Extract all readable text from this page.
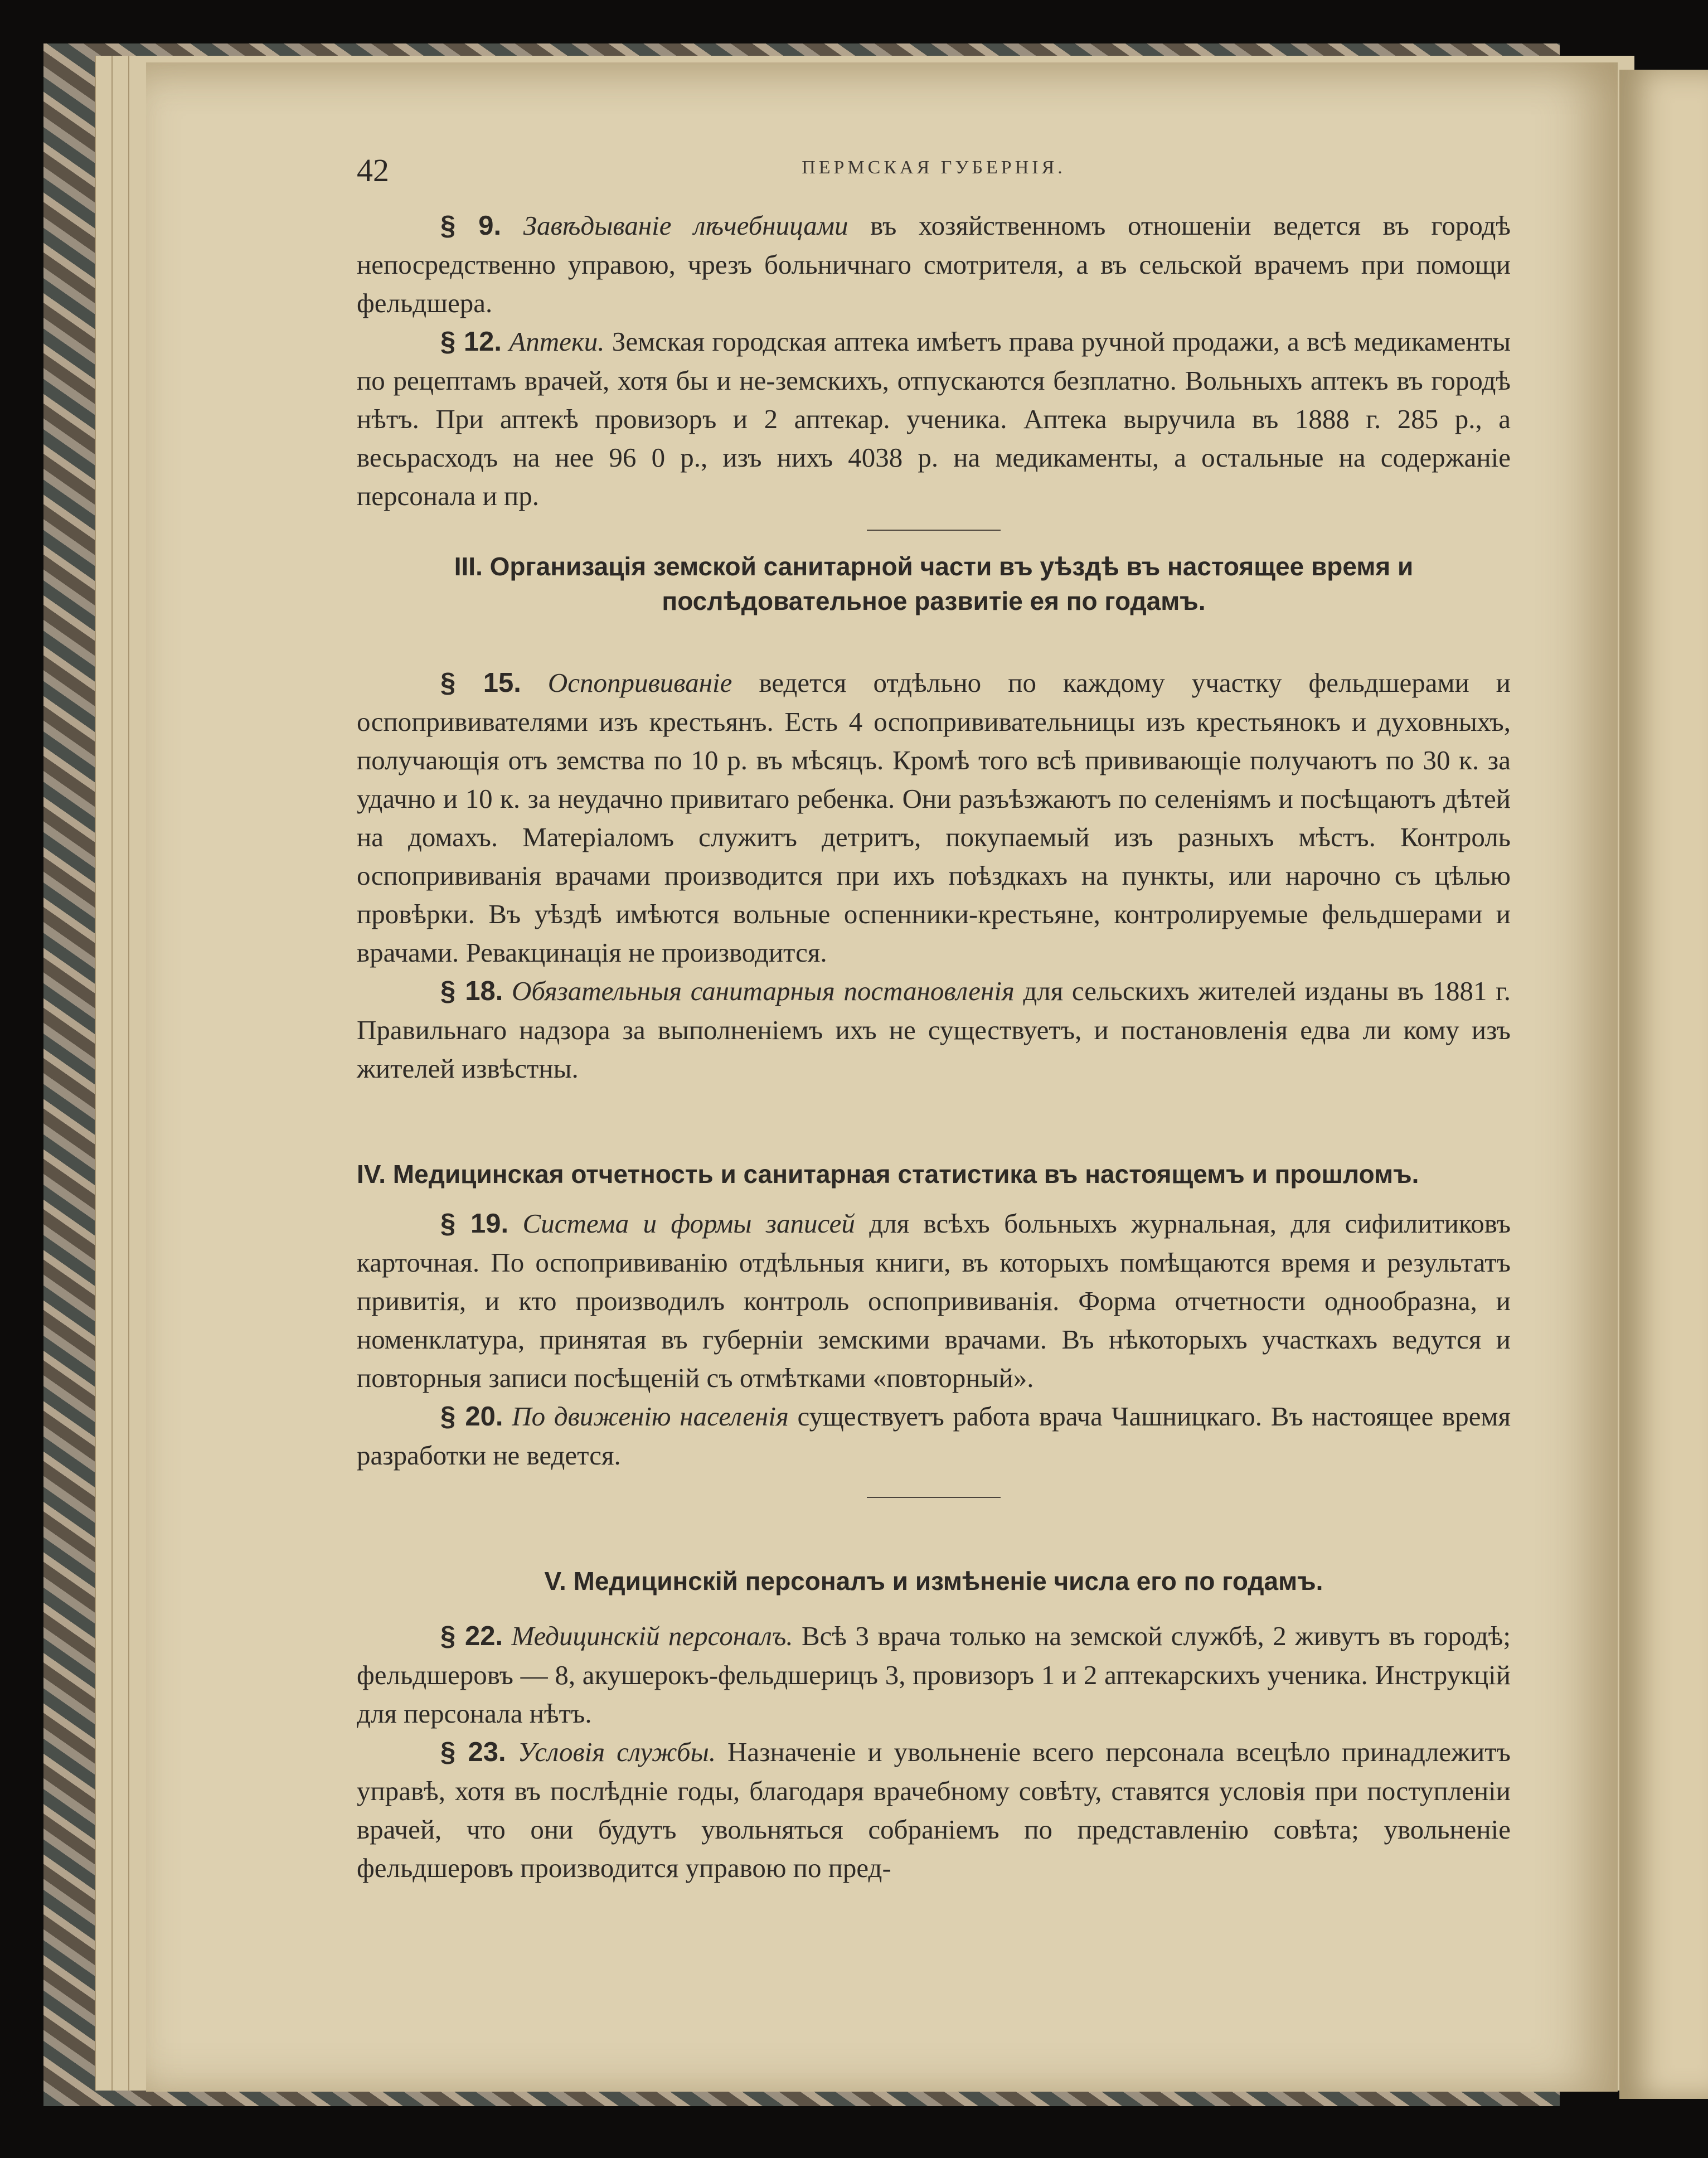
42	ПЕРМСКАЯ ГУБЕРНІЯ.

§ 9. Завѣдываніе лѣчебницами въ хозяйственномъ отношеніи ведется въ городѣ непосредственно управою, чрезъ больничнаго смотрителя, а въ сельской врачемъ при помощи фельдшера.

§ 12. Аптеки. Земская городская аптека имѣетъ права ручной продажи, а всѣ медикаменты по рецептамъ врачей, хотя бы и не-земскихъ, отпускаются безплатно. Вольныхъ аптекъ въ городѣ нѣтъ. При аптекѣ провизоръ и 2 аптекар. ученика. Аптека выручила въ 1888 г. 285 р., а весьрасходъ на нее 96 0 р., изъ нихъ 4038 р. на медикаменты, а остальные на содержаніе персонала и пр.

III. Организація земской санитарной части въ уѣздѣ въ настоящее время и послѣдовательное развитіе ея по годамъ.

§ 15. Оспопрививаніе ведется отдѣльно по каждому участку фельдшерами и оспопрививателями изъ крестьянъ. Есть 4 оспопрививательницы изъ крестьянокъ и духовныхъ, получающія отъ земства по 10 р. въ мѣсяцъ. Кромѣ того всѣ прививающіе получаютъ по 30 к. за удачно и 10 к. за неудачно привитаго ребенка. Они разъѣзжаютъ по селеніямъ и посѣщаютъ дѣтей на домахъ. Матеріаломъ служитъ детритъ, покупаемый изъ разныхъ мѣстъ. Контроль оспопрививанія врачами производится при ихъ поѣздкахъ на пункты, или нарочно съ цѣлью провѣрки. Въ уѣздѣ имѣются вольные оспенники-крестьяне, контролируемые фельдшерами и врачами. Ревакцинація не производится.

§ 18. Обязательныя санитарныя постановленія для сельскихъ жителей изданы въ 1881 г. Правильнаго надзора за выполненіемъ ихъ не существуетъ, и постановленія едва ли кому изъ жителей извѣстны.

IV. Медицинская отчетность и санитарная статистика въ настоящемъ и прошломъ.

§ 19. Система и формы записей для всѣхъ больныхъ журнальная, для сифилитиковъ карточная. По оспопрививанію отдѣльныя книги, въ которыхъ помѣщаются время и результатъ привитія, и кто производилъ контроль оспопрививанія. Форма отчетности однообразна, и номенклатура, принятая въ губерніи земскими врачами. Въ нѣкоторыхъ участкахъ ведутся и повторныя записи посѣщеній съ отмѣтками «повторный».

§ 20. По движенію населенія существуетъ работа врача Чашницкаго. Въ настоящее время разработки не ведется.

V. Медицинскій персоналъ и измѣненіе числа его по годамъ.

§ 22. Медицинскій персоналъ. Всѣ 3 врача только на земской службѣ, 2 живутъ въ городѣ; фельдшеровъ — 8, акушерокъ-фельдшерицъ 3, провизоръ 1 и 2 аптекарскихъ ученика. Инструкцій для персонала нѣтъ.

§ 23. Условія службы. Назначеніе и увольненіе всего персонала всецѣло принадлежитъ управѣ, хотя въ послѣдніе годы, благодаря врачебному совѣту, ставятся условія при поступленіи врачей, что они будутъ увольняться собраніемъ по представленію совѣта; увольненіе фельдшеровъ производится управою по пред-
